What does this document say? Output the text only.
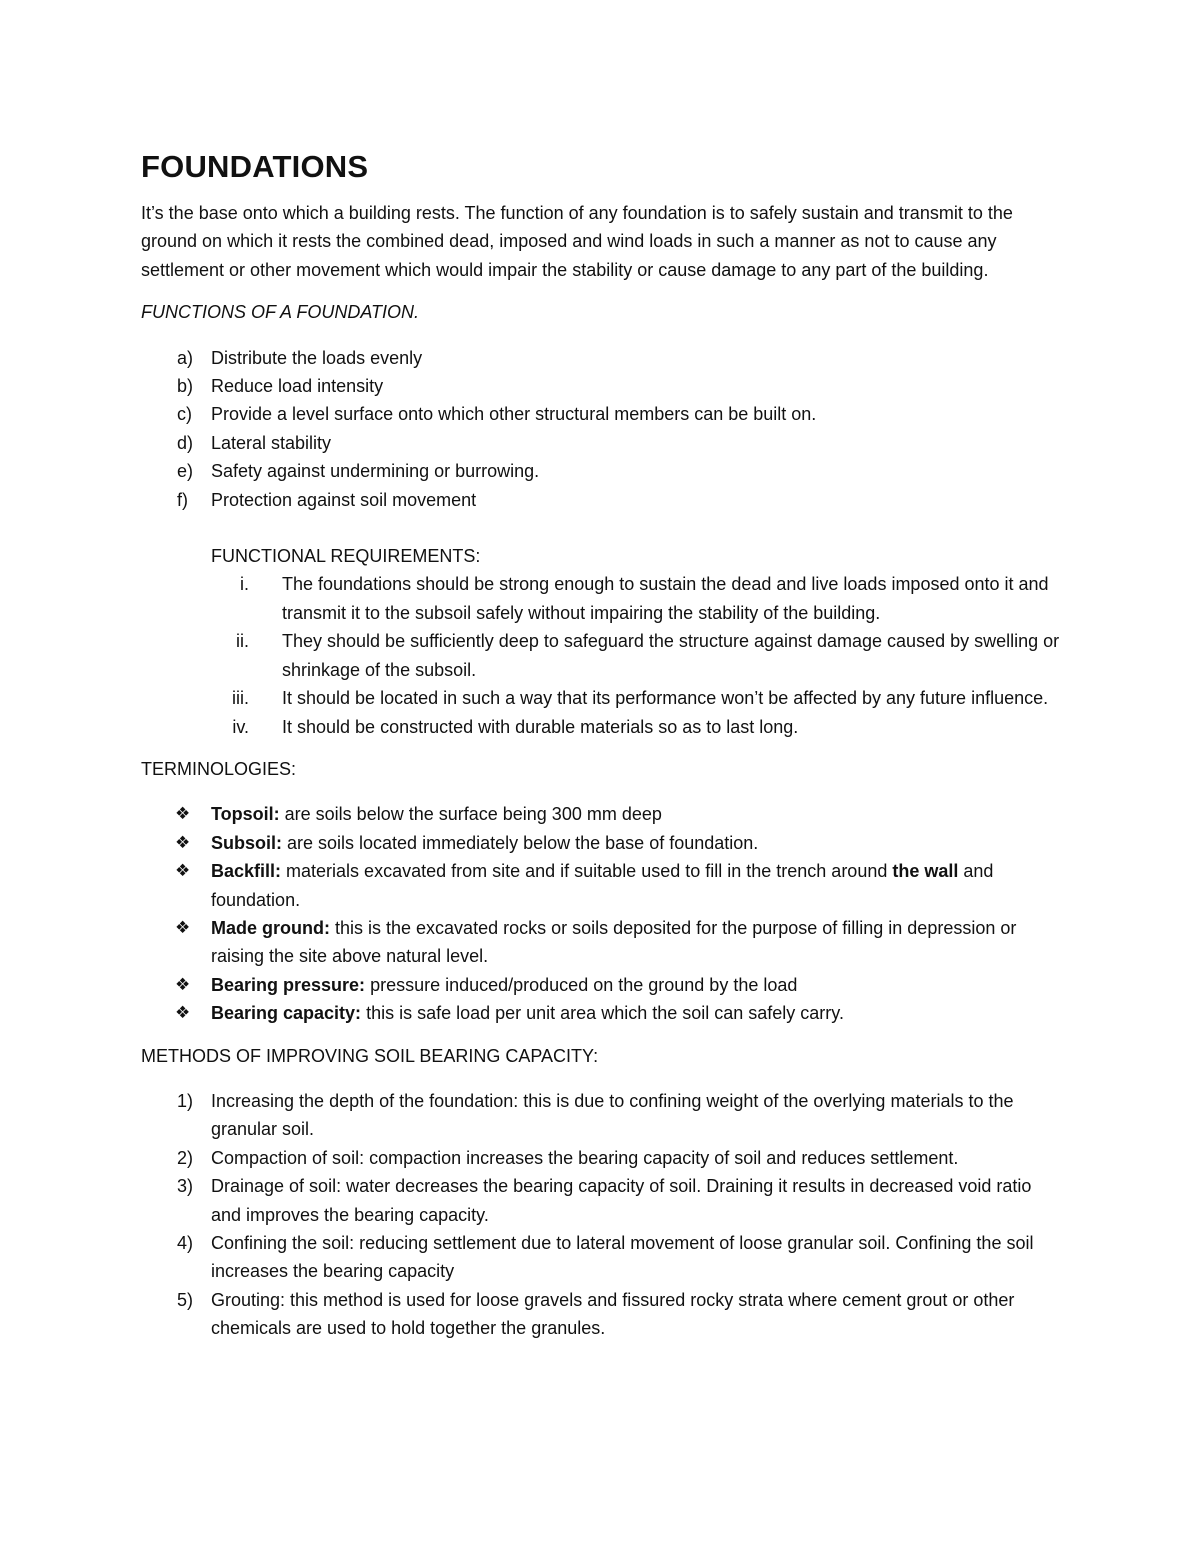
FOUNDATIONS

It’s the base onto which a building rests. The function of any foundation is to safely sustain and transmit to the ground on which it rests the combined dead, imposed and wind loads in such a manner as not to cause any settlement or other movement which would impair the stability or cause damage to any part of the building.

FUNCTIONS OF A FOUNDATION.
a) Distribute the loads evenly
b) Reduce load intensity
c) Provide a level surface onto which other structural members can be built on.
d) Lateral stability
e) Safety against undermining or burrowing.
f) Protection against soil movement
FUNCTIONAL REQUIREMENTS:
i. The foundations should be strong enough to sustain the dead and live loads imposed onto it and transmit it to the subsoil safely without impairing the stability of the building.
ii. They should be sufficiently deep to safeguard the structure against damage caused by swelling or shrinkage of the subsoil.
iii. It should be located in such a way that its performance won’t be affected by any future influence.
iv. It should be constructed with durable materials so as to last long.
TERMINOLOGIES:
❖ Topsoil: are soils below the surface being 300 mm deep
❖ Subsoil: are soils located immediately below the base of foundation.
❖ Backfill: materials excavated from site and if suitable used to fill in the trench around the wall and foundation.
❖ Made ground: this is the excavated rocks or soils deposited for the purpose of filling in depression or raising the site above natural level.
❖ Bearing pressure: pressure induced/produced on the ground by the load
❖ Bearing capacity: this is safe load per unit area which the soil can safely carry.
METHODS OF IMPROVING SOIL BEARING CAPACITY:
1) Increasing the depth of the foundation: this is due to confining weight of the overlying materials to the granular soil.
2) Compaction of soil: compaction increases the bearing capacity of soil and reduces settlement.
3) Drainage of soil: water decreases the bearing capacity of soil. Draining it results in decreased void ratio and improves the bearing capacity.
4) Confining the soil: reducing settlement due to lateral movement of loose granular soil. Confining the soil increases the bearing capacity
5) Grouting: this method is used for loose gravels and fissured rocky strata where cement grout or other chemicals are used to hold together the granules.
